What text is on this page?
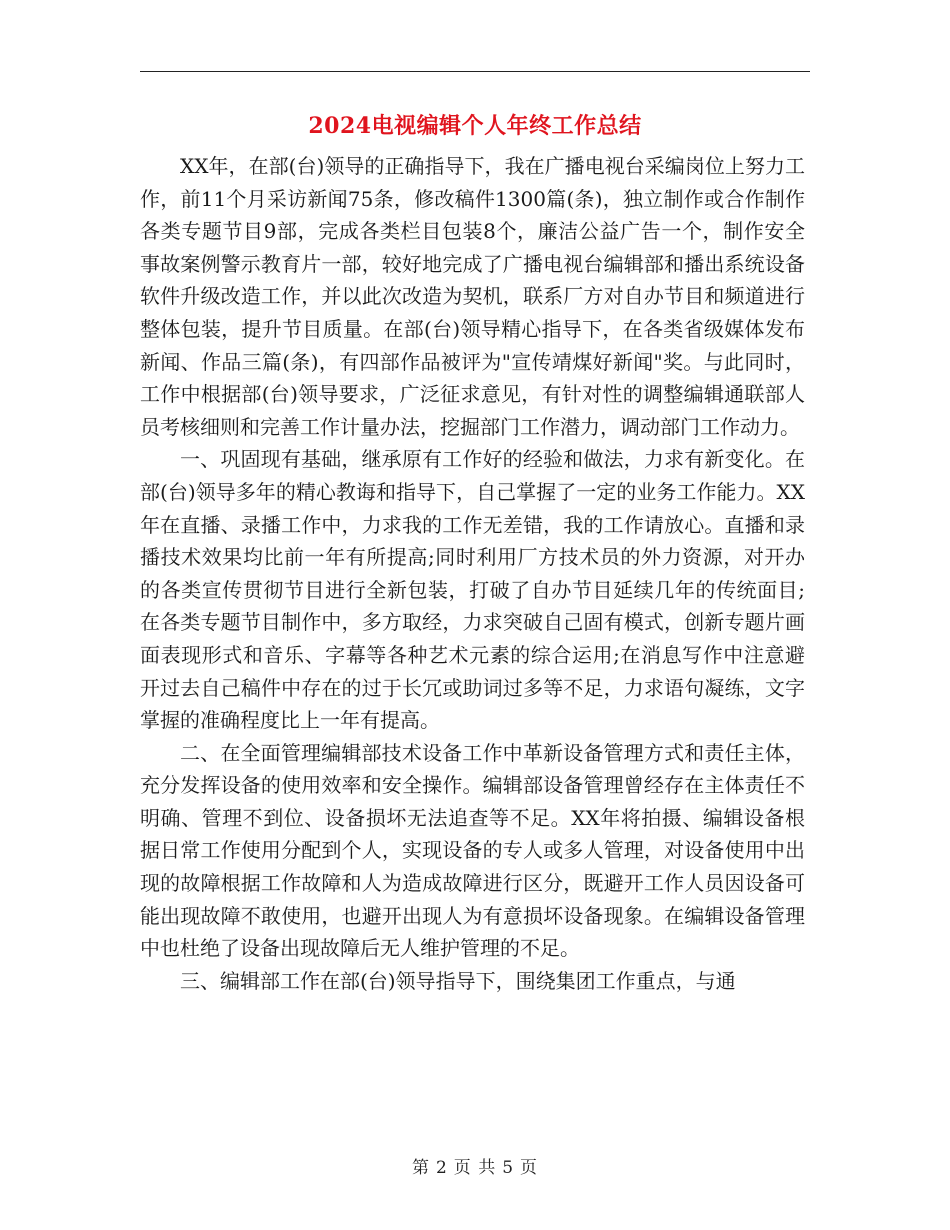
2024电视编辑个人年终工作总结

XX年，在部(台)领导的正确指导下，我在广播电视台采编岗位上努力工作，前11个月采访新闻75条，修改稿件1300篇(条)，独立制作或合作制作各类专题节目9部，完成各类栏目包装8个，廉洁公益广告一个，制作安全事故案例警示教育片一部，较好地完成了广播电视台编辑部和播出系统设备软件升级改造工作，并以此次改造为契机，联系厂方对自办节目和频道进行整体包装，提升节目质量。在部(台)领导精心指导下，在各类省级媒体发布新闻、作品三篇(条)，有四部作品被评为"宣传靖煤好新闻"奖。与此同时，工作中根据部(台)领导要求，广泛征求意见，有针对性的调整编辑通联部人员考核细则和完善工作计量办法，挖掘部门工作潜力，调动部门工作动力。

一、巩固现有基础，继承原有工作好的经验和做法，力求有新变化。在部(台)领导多年的精心教诲和指导下，自己掌握了一定的业务工作能力。XX年在直播、录播工作中，力求我的工作无差错，我的工作请放心。直播和录播技术效果均比前一年有所提高;同时利用厂方技术员的外力资源，对开办的各类宣传贯彻节目进行全新包装，打破了自办节目延续几年的传统面目;在各类专题节目制作中，多方取经，力求突破自己固有模式，创新专题片画面表现形式和音乐、字幕等各种艺术元素的综合运用;在消息写作中注意避开过去自己稿件中存在的过于长冗或助词过多等不足，力求语句凝练，文字掌握的准确程度比上一年有提高。

二、在全面管理编辑部技术设备工作中革新设备管理方式和责任主体，充分发挥设备的使用效率和安全操作。编辑部设备管理曾经存在主体责任不明确、管理不到位、设备损坏无法追查等不足。XX年将拍摄、编辑设备根据日常工作使用分配到个人，实现设备的专人或多人管理，对设备使用中出现的故障根据工作故障和人为造成故障进行区分，既避开工作人员因设备可能出现故障不敢使用，也避开出现人为有意损坏设备现象。在编辑设备管理中也杜绝了设备出现故障后无人维护管理的不足。

三、编辑部工作在部(台)领导指导下，围绕集团工作重点，与通

第 2 页 共 5 页
